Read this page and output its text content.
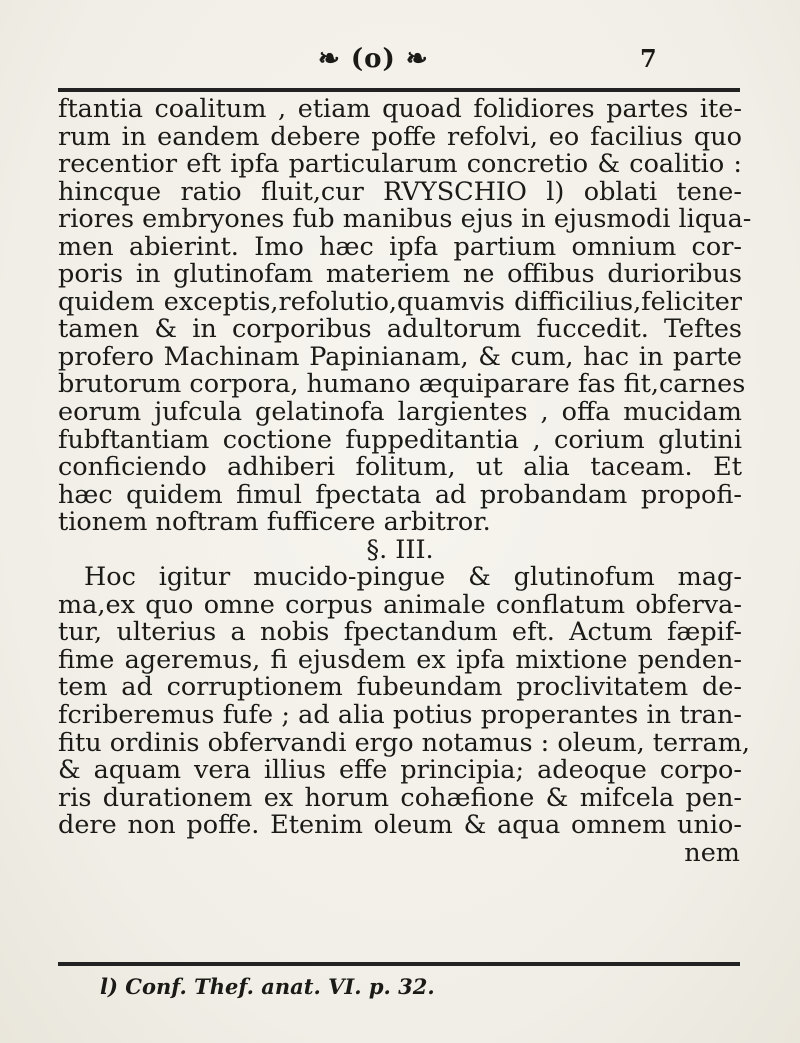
❧ (o) ❧	7
ftantia coalitum , etiam quoad folidiores partes ite-
rum in eandem debere poffe refolvi, eo facilius quo
recentior eft ipfa particularum concretio & coalitio :
hincque ratio fluit,cur RVYSCHIO l) oblati tene-
riores embryones fub manibus ejus in ejusmodi liqua-
men abierint. Imo hæc ipfa partium omnium cor-
poris in glutinofam materiem ne offibus durioribus
quidem exceptis,refolutio,quamvis difficilius,feliciter
tamen & in corporibus adultorum fuccedit. Teftes
profero Machinam Papinianam, & cum, hac in parte
brutorum corpora, humano æquiparare fas fit,carnes
eorum jufcula gelatinofa largientes , offa mucidam
fubftantiam coctione fuppeditantia , corium glutini
conficiendo adhiberi folitum, ut alia taceam. Et
hæc quidem fimul fpectata ad probandam propofi-
tionem noftram fufficere arbitror.
§. III.
Hoc igitur mucido-pingue & glutinofum mag-
ma,ex quo omne corpus animale conflatum obferva-
tur, ulterius a nobis fpectandum eft. Actum fæpif-
fime ageremus, fi ejusdem ex ipfa mixtione penden-
tem ad corruptionem fubeundam proclivitatem de-
fcriberemus fufe ; ad alia potius properantes in tran-
fitu ordinis obfervandi ergo notamus : oleum, terram,
& aquam vera illius effe principia; adeoque corpo-
ris durationem ex horum cohæfione & mifcela pen-
dere non poffe. Etenim oleum & aqua omnem unio-
nem
l) Conf. Thef. anat. VI. p. 32.
